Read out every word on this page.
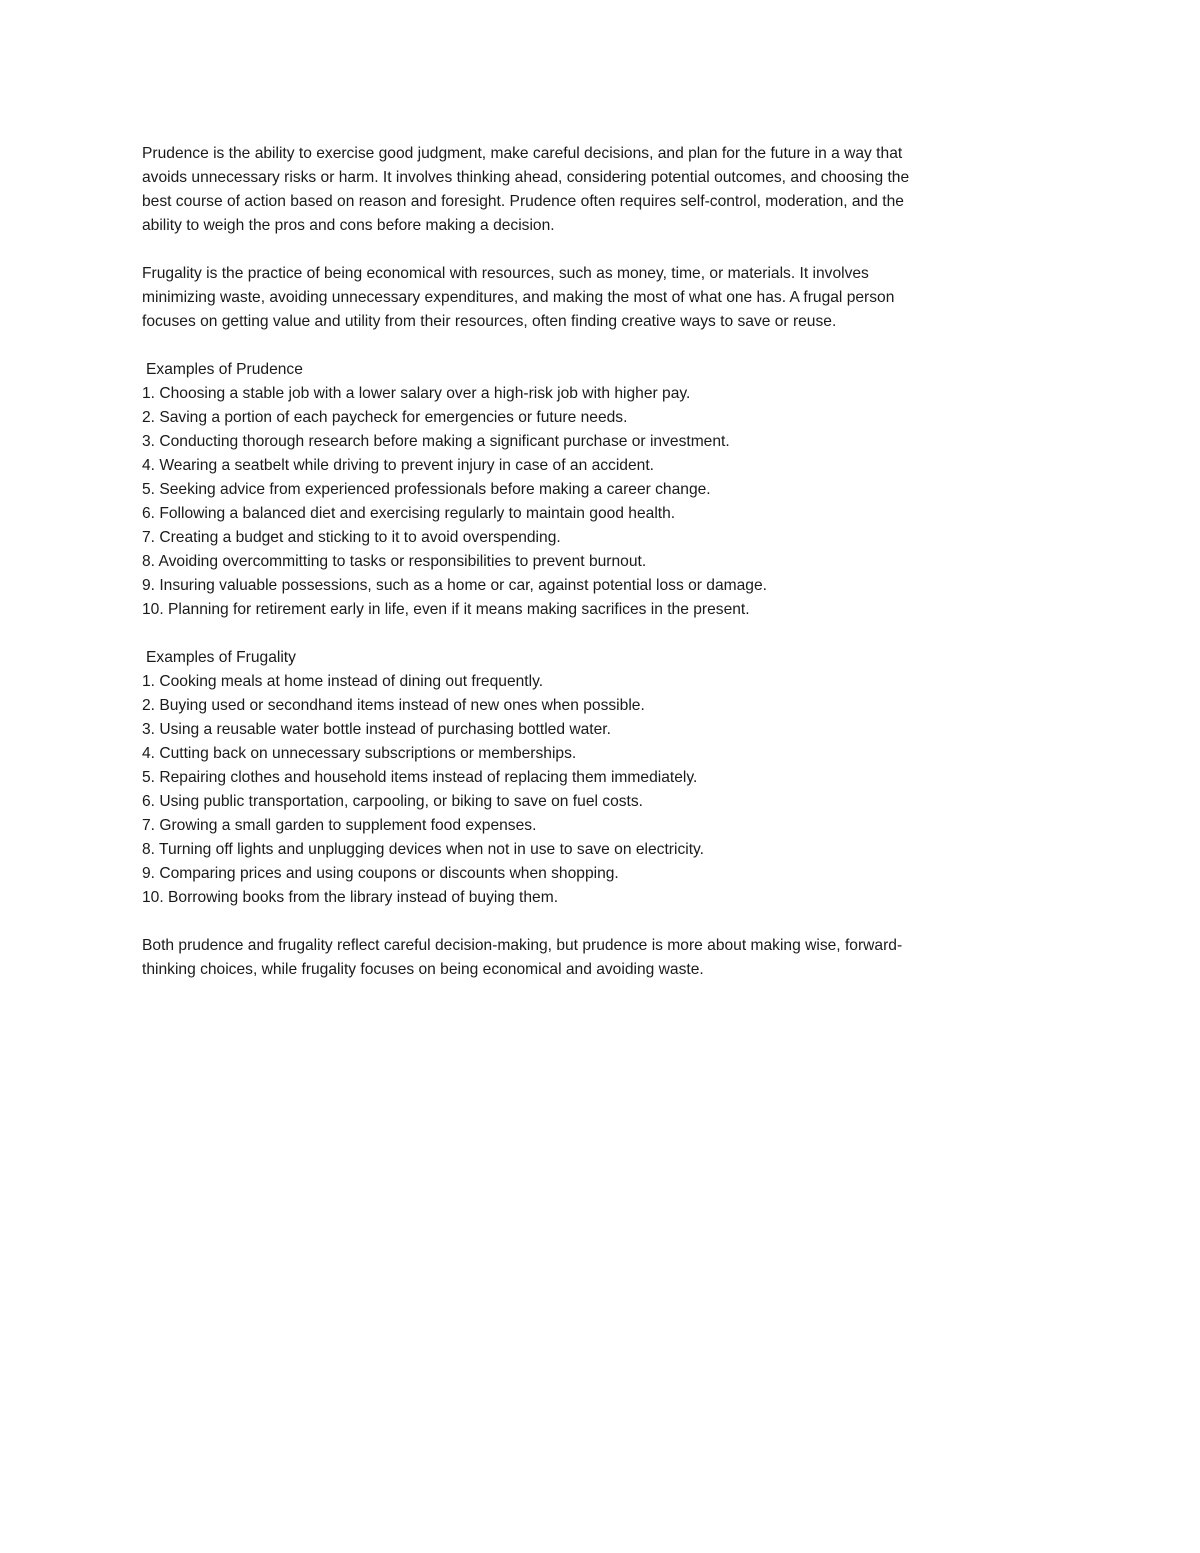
Prudence is the ability to exercise good judgment, make careful decisions, and plan for the future in a way that
avoids unnecessary risks or harm. It involves thinking ahead, considering potential outcomes, and choosing the
best course of action based on reason and foresight. Prudence often requires self-control, moderation, and the
ability to weigh the pros and cons before making a decision.

Frugality is the practice of being economical with resources, such as money, time, or materials. It involves
minimizing waste, avoiding unnecessary expenditures, and making the most of what one has. A frugal person
focuses on getting value and utility from their resources, often finding creative ways to save or reuse.

Examples of Prudence
1. Choosing a stable job with a lower salary over a high-risk job with higher pay.
2. Saving a portion of each paycheck for emergencies or future needs.
3. Conducting thorough research before making a significant purchase or investment.
4. Wearing a seatbelt while driving to prevent injury in case of an accident.
5. Seeking advice from experienced professionals before making a career change.
6. Following a balanced diet and exercising regularly to maintain good health.
7. Creating a budget and sticking to it to avoid overspending.
8. Avoiding overcommitting to tasks or responsibilities to prevent burnout.
9. Insuring valuable possessions, such as a home or car, against potential loss or damage.
10. Planning for retirement early in life, even if it means making sacrifices in the present.
Examples of Frugality
1. Cooking meals at home instead of dining out frequently.
2. Buying used or secondhand items instead of new ones when possible.
3. Using a reusable water bottle instead of purchasing bottled water.
4. Cutting back on unnecessary subscriptions or memberships.
5. Repairing clothes and household items instead of replacing them immediately.
6. Using public transportation, carpooling, or biking to save on fuel costs.
7. Growing a small garden to supplement food expenses.
8. Turning off lights and unplugging devices when not in use to save on electricity.
9. Comparing prices and using coupons or discounts when shopping.
10. Borrowing books from the library instead of buying them.

Both prudence and frugality reflect careful decision-making, but prudence is more about making wise, forward-
thinking choices, while frugality focuses on being economical and avoiding waste.
